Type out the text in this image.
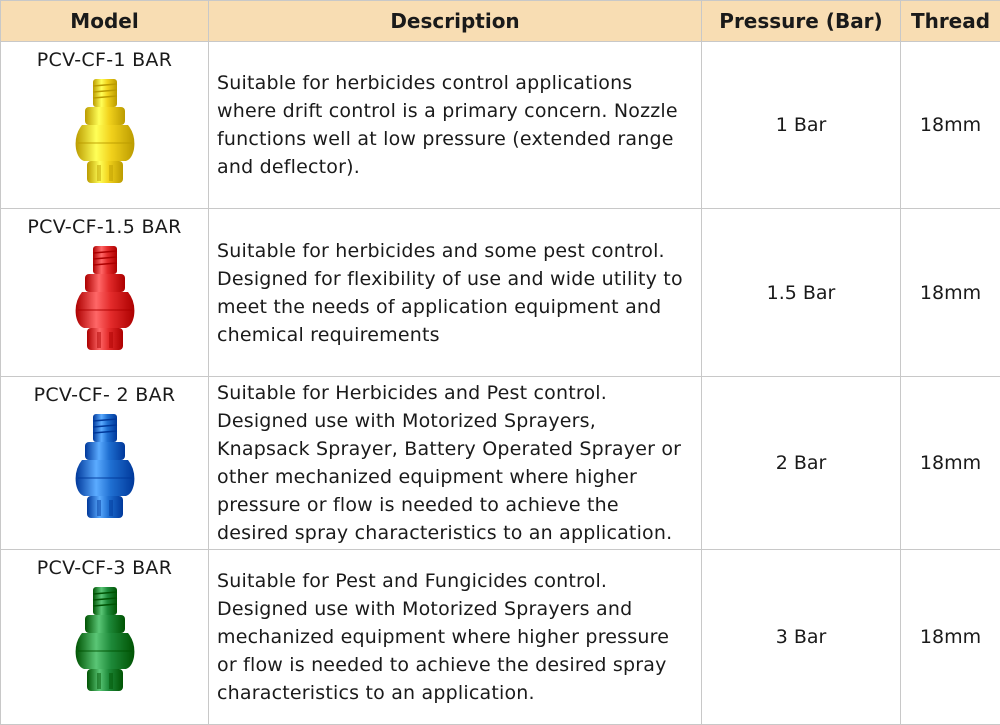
Model	Description	Pressure (Bar)	Thread

PCV-CF-1 BAR	Suitable for herbicides control applications where drift control is a primary concern. Nozzle functions well at low pressure (extended range and deflector).	1 Bar	18mm

PCV-CF-1.5 BAR	Suitable for herbicides and some pest control. Designed for flexibility of use and wide utility to meet the needs of application equipment and chemical requirements	1.5 Bar	18mm

PCV-CF- 2 BAR	Suitable for Herbicides and Pest control. Designed use with Motorized Sprayers, Knapsack Sprayer, Battery Operated Sprayer or other mechanized equipment where higher pressure or flow is needed to achieve the desired spray characteristics to an application.	2 Bar	18mm

PCV-CF-3 BAR	Suitable for Pest and Fungicides control. Designed use with Motorized Sprayers and mechanized equipment where higher pressure or flow is needed to achieve the desired spray characteristics to an application.	3 Bar	18mm
